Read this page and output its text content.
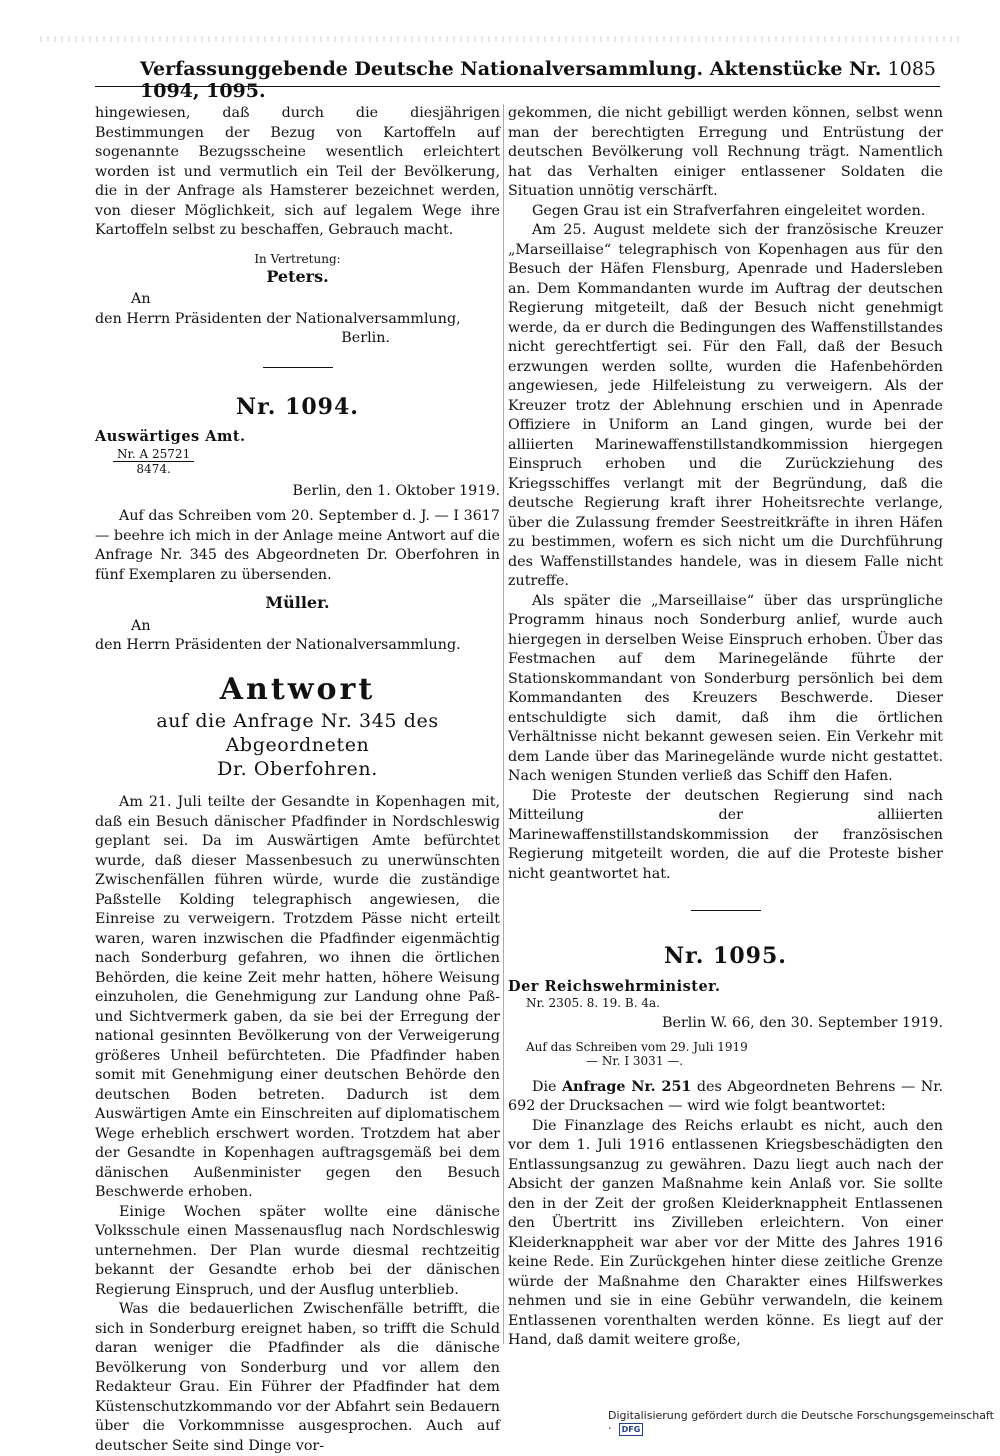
Verfassunggebende Deutsche Nationalversammlung. Aktenstücke Nr. 1094, 1095.
1085

hingewiesen, daß durch die diesjährigen Bestimmungen der Bezug von Kartoffeln auf sogenannte Bezugsscheine wesentlich erleichtert worden ist und vermutlich ein Teil der Bevölkerung, die in der Anfrage als Hamsterer bezeichnet werden, von dieser Möglichkeit, sich auf legalem Wege ihre Kartoffeln selbst zu beschaffen, Gebrauch macht.

In Vertretung:

Peters.

An

den Herrn Präsidenten der Nationalversammlung,

Berlin.

Nr. 1094.

Auswärtiges Amt.

$\frac{Nr. A 25721}{8474.}$

Berlin, den 1. Oktober 1919.

Auf das Schreiben vom 20. September d. J. — I 3617 — beehre ich mich in der Anlage meine Antwort auf die Anfrage Nr. 345 des Abgeordneten Dr. Oberfohren in fünf Exemplaren zu übersenden.

Müller.

An

den Herrn Präsidenten der Nationalversammlung.

Antwort

auf die Anfrage Nr. 345 des Abgeordneten
Dr. Oberfohren.

Am 21. Juli teilte der Gesandte in Kopenhagen mit, daß ein Besuch dänischer Pfadfinder in Nordschleswig geplant sei. Da im Auswärtigen Amte befürchtet wurde, daß dieser Massenbesuch zu unerwünschten Zwischenfällen führen würde, wurde die zuständige Paßstelle Kolding telegraphisch angewiesen, die Einreise zu verweigern. Trotzdem Pässe nicht erteilt waren, waren inzwischen die Pfadfinder eigenmächtig nach Sonderburg gefahren, wo ihnen die örtlichen Behörden, die keine Zeit mehr hatten, höhere Weisung einzuholen, die Genehmigung zur Landung ohne Paß- und Sichtvermerk gaben, da sie bei der Erregung der national gesinnten Bevölkerung von der Verweigerung größeres Unheil befürchteten. Die Pfadfinder haben somit mit Genehmigung einer deutschen Behörde den deutschen Boden betreten. Dadurch ist dem Auswärtigen Amte ein Einschreiten auf diplomatischem Wege erheblich erschwert worden. Trotzdem hat aber der Gesandte in Kopenhagen auftragsgemäß bei dem dänischen Außenminister gegen den Besuch Beschwerde erhoben.

Einige Wochen später wollte eine dänische Volksschule einen Massenausflug nach Nordschleswig unternehmen. Der Plan wurde diesmal rechtzeitig bekannt der Gesandte erhob bei der dänischen Regierung Einspruch, und der Ausflug unterblieb.

Was die bedauerlichen Zwischenfälle betrifft, die sich in Sonderburg ereignet haben, so trifft die Schuld daran weniger die Pfadfinder als die dänische Bevölkerung von Sonderburg und vor allem den Redakteur Grau. Ein Führer der Pfadfinder hat dem Küstenschutzkommando vor der Abfahrt sein Bedauern über die Vorkommnisse ausgesprochen. Auch auf deutscher Seite sind Dinge vor-

gekommen, die nicht gebilligt werden können, selbst wenn man der berechtigten Erregung und Entrüstung der deutschen Bevölkerung voll Rechnung trägt. Namentlich hat das Verhalten einiger entlassener Soldaten die Situation unnötig verschärft.

Gegen Grau ist ein Strafverfahren eingeleitet worden.

Am 25. August meldete sich der französische Kreuzer „Marseillaise“ telegraphisch von Kopenhagen aus für den Besuch der Häfen Flensburg, Apenrade und Hadersleben an. Dem Kommandanten wurde im Auftrag der deutschen Regierung mitgeteilt, daß der Besuch nicht genehmigt werde, da er durch die Bedingungen des Waffenstillstandes nicht gerechtfertigt sei. Für den Fall, daß der Besuch erzwungen werden sollte, wurden die Hafenbehörden angewiesen, jede Hilfeleistung zu verweigern. Als der Kreuzer trotz der Ablehnung erschien und in Apenrade Offiziere in Uniform an Land gingen, wurde bei der alliierten Marinewaffenstillstandkommission hiergegen Einspruch erhoben und die Zurückziehung des Kriegsschiffes verlangt mit der Begründung, daß die deutsche Regierung kraft ihrer Hoheitsrechte verlange, über die Zulassung fremder Seestreitkräfte in ihren Häfen zu bestimmen, wofern es sich nicht um die Durchführung des Waffenstillstandes handele, was in diesem Falle nicht zutreffe.

Als später die „Marseillaise“ über das ursprüngliche Programm hinaus noch Sonderburg anlief, wurde auch hiergegen in derselben Weise Einspruch erhoben. Über das Festmachen auf dem Marinegelände führte der Stationskommandant von Sonderburg persönlich bei dem Kommandanten des Kreuzers Beschwerde. Dieser entschuldigte sich damit, daß ihm die örtlichen Verhältnisse nicht bekannt gewesen seien. Ein Verkehr mit dem Lande über das Marinegelände wurde nicht gestattet. Nach wenigen Stunden verließ das Schiff den Hafen.

Die Proteste der deutschen Regierung sind nach Mitteilung der alliierten Marinewaffenstillstandskommission der französischen Regierung mitgeteilt worden, die auf die Proteste bisher nicht geantwortet hat.

Nr. 1095.

Der Reichswehrminister.

Nr. 2305. 8. 19. B. 4a.

Berlin W. 66, den 30. September 1919.

Auf das Schreiben vom 29. Juli 1919
— Nr. I 3031 —.

Die Anfrage Nr. 251 des Abgeordneten Behrens — Nr. 692 der Drucksachen — wird wie folgt beantwortet:

Die Finanzlage des Reichs erlaubt es nicht, auch den vor dem 1. Juli 1916 entlassenen Kriegsbeschädigten den Entlassungsanzug zu gewähren. Dazu liegt auch nach der Absicht der ganzen Maßnahme kein Anlaß vor. Sie sollte den in der Zeit der großen Kleiderknappheit Entlassenen den Übertritt ins Zivilleben erleichtern. Von einer Kleiderknappheit war aber vor der Mitte des Jahres 1916 keine Rede. Ein Zurückgehen hinter diese zeitliche Grenze würde der Maßnahme den Charakter eines Hilfswerkes nehmen und sie in eine Gebühr verwandeln, die keinem Entlassenen vorenthalten werden könne. Es liegt auf der Hand, daß damit weitere große,

Digitalisierung gefördert durch die Deutsche Forschungsgemeinschaft · DFG
